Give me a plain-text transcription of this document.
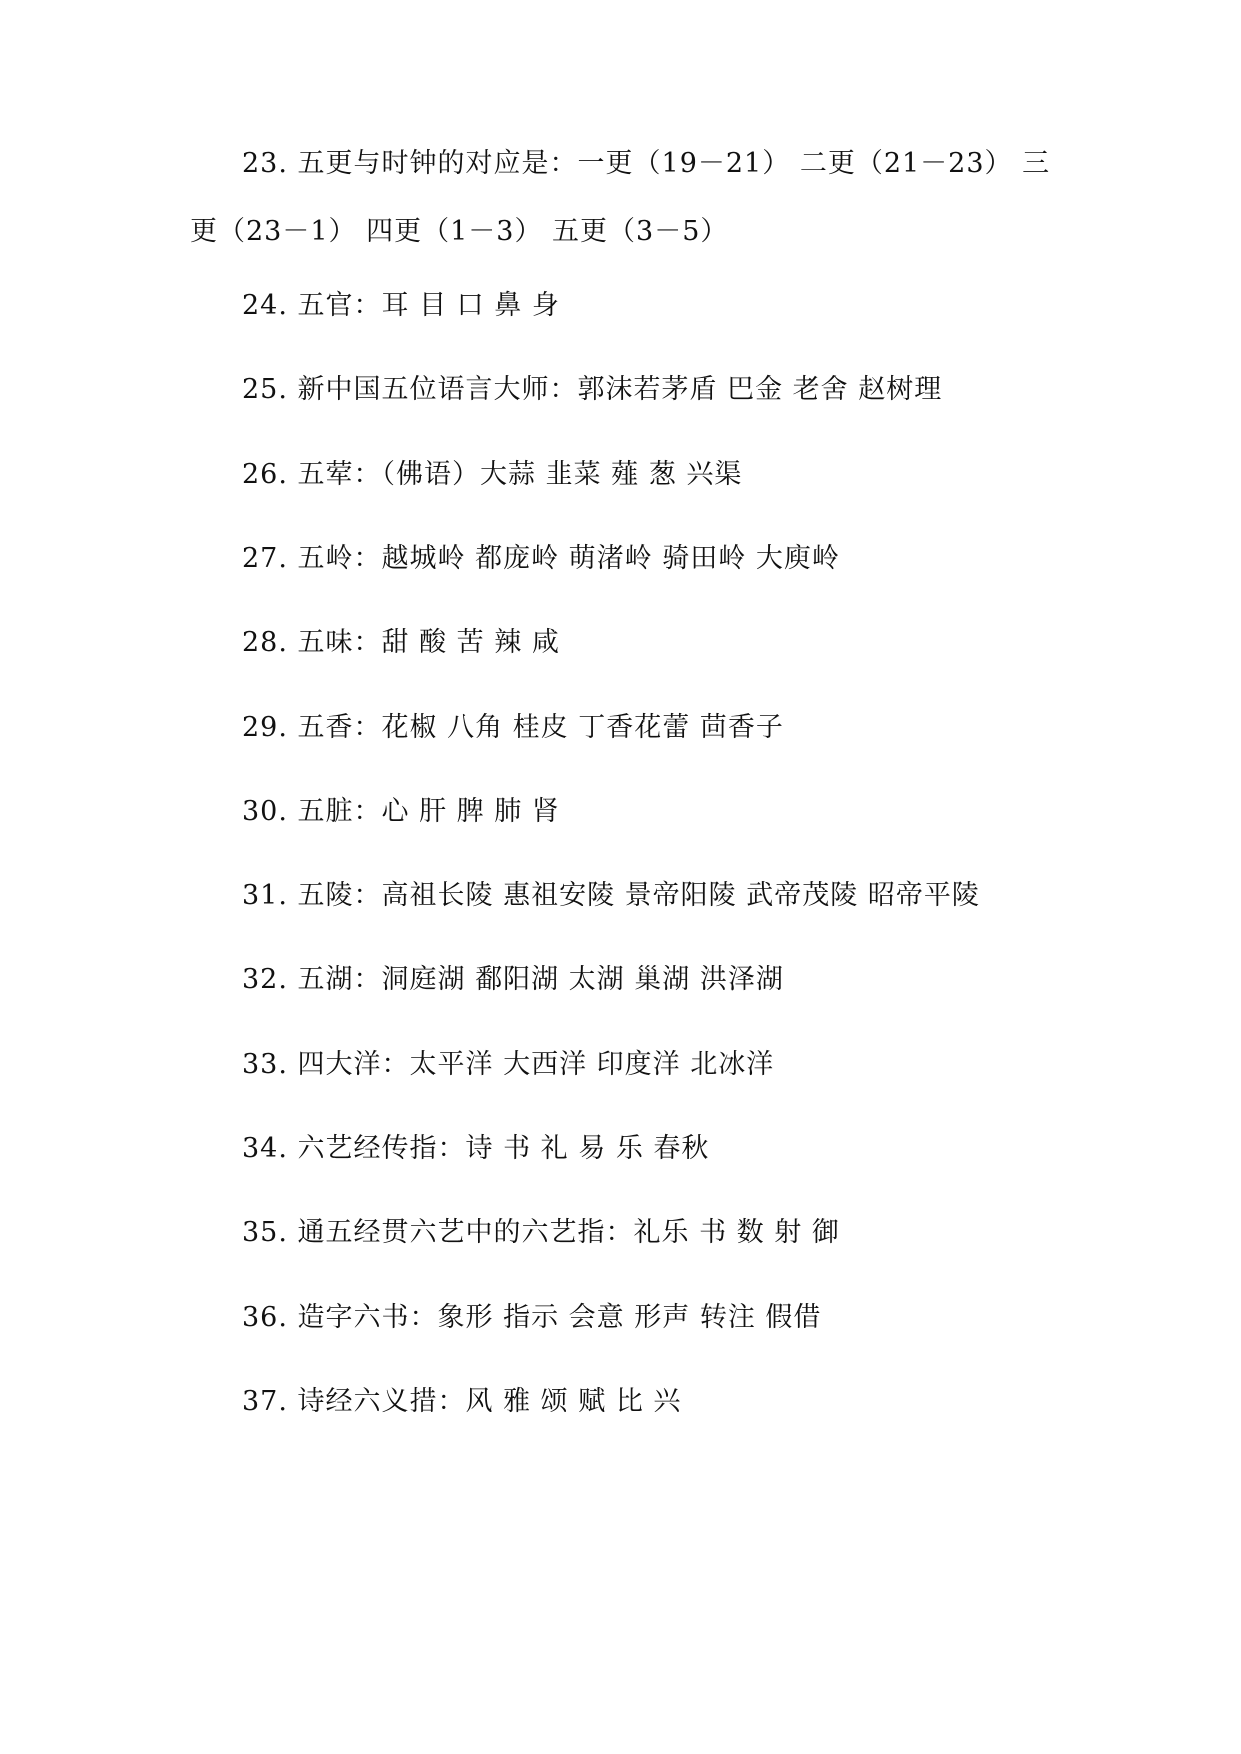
23. 五更与时钟的对应是：一更（19－21） 二更（21－23） 三更（23－1） 四更（1－3） 五更（3－5）

24. 五官：耳 目 口 鼻 身

25. 新中国五位语言大师：郭沫若茅盾 巴金 老舍 赵树理

26. 五荤：（佛语）大蒜 韭菜 薤 葱 兴渠

27. 五岭：越城岭 都庞岭 萌渚岭 骑田岭 大庾岭

28. 五味：甜 酸 苦 辣 咸

29. 五香：花椒 八角 桂皮 丁香花蕾 茴香子

30. 五脏：心 肝 脾 肺 肾

31. 五陵：高祖长陵 惠祖安陵 景帝阳陵 武帝茂陵 昭帝平陵

32. 五湖：洞庭湖 鄱阳湖 太湖 巢湖 洪泽湖

33. 四大洋：太平洋 大西洋 印度洋 北冰洋

34. 六艺经传指：诗 书 礼 易 乐 春秋

35. 通五经贯六艺中的六艺指：礼乐 书 数 射 御

36. 造字六书：象形 指示 会意 形声 转注 假借

37. 诗经六义措：风 雅 颂 赋 比 兴
